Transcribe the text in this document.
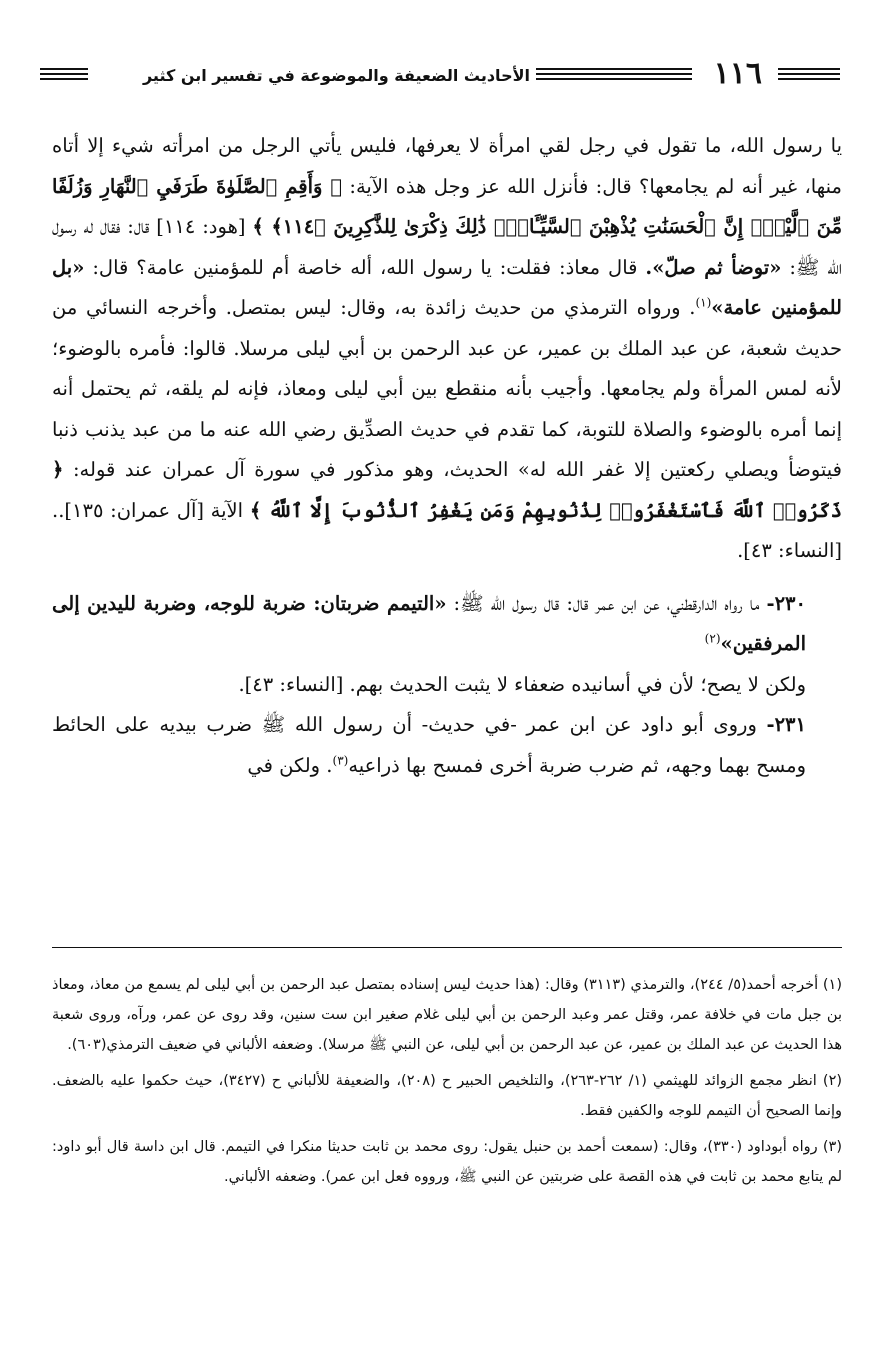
١١٦
الأحاديث الضعيفة والموضوعة في تفسير ابن كثير

يا رسول الله، ما تقول في رجل لقي امرأة لا يعرفها، فليس يأتي الرجل من امرأته شيء إلا أتاه منها، غير أنه لم يجامعها؟ قال: فأنزل الله عز وجل هذه الآية: ﴿ وَأَقِمِ ٱلصَّلَوٰةَ طَرَفَيِ ٱلنَّهَارِ وَزُلَفًا مِّنَ ٱلَّيْلِۚ إِنَّ ٱلْحَسَنَٰتِ يُذْهِبْنَ ٱلسَّيِّـَٔاتِۚ ذَٰلِكَ ذِكْرَىٰ لِلذَّٰكِرِينَ ﴿١١٤﴾ ﴾ [هود: ١١٤] قال: فقال له رسول الله ﷺ: «توضأ ثم صلّ». قال معاذ: فقلت: يا رسول الله، أله خاصة أم للمؤمنين عامة؟ قال: «بل للمؤمنين عامة»$^{(١)}$. ورواه الترمذي من حديث زائدة به، وقال: ليس بمتصل. وأخرجه النسائي من حديث شعبة، عن عبد الملك بن عمير، عن عبد الرحمن بن أبي ليلى مرسلا. قالوا: فأمره بالوضوء؛ لأنه لمس المرأة ولم يجامعها. وأجيب بأنه منقطع بين أبي ليلى ومعاذ، فإنه لم يلقه، ثم يحتمل أنه إنما أمره بالوضوء والصلاة للتوبة، كما تقدم في حديث الصدِّيق رضي الله عنه ما من عبد يذنب ذنبا فيتوضأ ويصلي ركعتين إلا غفر الله له» الحديث، وهو مذكور في سورة آل عمران عند قوله: ﴿ ذَكَرُوا۟ ٱللَّهَ فَٱسْتَغْفَرُوا۟ لِذُنُوبِهِمْ وَمَن يَغْفِرُ ٱلذُّنُوبَ إِلَّا ٱللَّهُ ﴾ الآية [آل عمران: ١٣٥].. [النساء: ٤٣].

٢٣٠- ما رواه الدارقطني، عن ابن عمر قال: قال رسول الله ﷺ: «التيمم ضربتان: ضربة للوجه، وضربة لليدين إلى المرفقين»$^{(٢)}$

ولكن لا يصح؛ لأن في أسانيده ضعفاء لا يثبت الحديث بهم. [النساء: ٤٣].

٢٣١- وروى أبو داود عن ابن عمر -في حديث- أن رسول الله ﷺ ضرب بيديه على الحائط ومسح بهما وجهه، ثم ضرب ضربة أخرى فمسح بها ذراعيه$^{(٣)}$. ولكن في

(١) أخرجه أحمد(٥/ ٢٤٤)، والترمذي (٣١١٣) وقال: (هذا حديث ليس إسناده بمتصل عبد الرحمن بن أبي ليلى لم يسمع من معاذ، ومعاذ بن جبل مات في خلافة عمر، وقتل عمر وعبد الرحمن بن أبي ليلى غلام صغير ابن ست سنين، وقد روى عن عمر، ورآه، وروى شعبة هذا الحديث عن عبد الملك بن عمير، عن عبد الرحمن بن أبي ليلى، عن النبي ﷺ مرسلا). وضعفه الألباني في ضعيف الترمذي(٦٠٣).

(٢) انظر مجمع الزوائد للهيثمي (١/ ٢٦٢-٢٦٣)، والتلخيص الحبير ح (٢٠٨)، والضعيفة للألباني ح (٣٤٢٧)، حيث حكموا عليه بالضعف. وإنما الصحيح أن التيمم للوجه والكفين فقط.

(٣) رواه أبوداود (٣٣٠)، وقال: (سمعت أحمد بن حنبل يقول: روى محمد بن ثابت حديثا منكرا في التيمم. قال ابن داسة قال أبو داود: لم يتابع محمد بن ثابت في هذه القصة على ضربتين عن النبي ﷺ، ورووه فعل ابن عمر). وضعفه الألباني.
